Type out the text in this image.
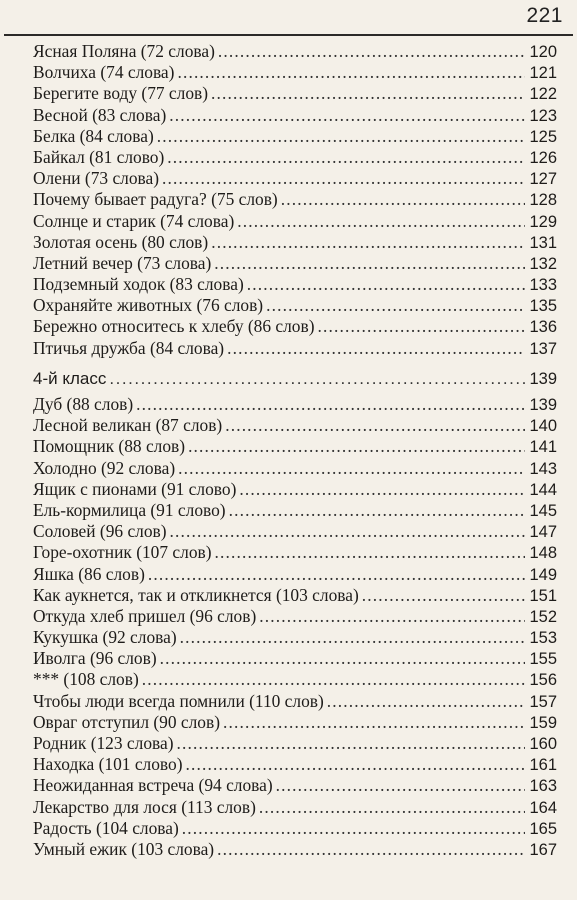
221
Ясная Поляна (72 слова) . . .	120
Волчиха (74 слова) . . .	121
Берегите воду (77 слов) . . .	122
Весной (83 слова) . . .	123
Белка (84 слова) . . .	125
Байкал (81 слово) . . .	126
Олени (73 слова) . . .	127
Почему бывает радуга? (75 слов) . . .	128
Солнце и старик (74 слова) . . .	129
Золотая осень (80 слов) . . .	131
Летний вечер (73 слова) . . .	132
Подземный ходок (83 слова) . . .	133
Охраняйте животных (76 слов) . . .	135
Бережно относитесь к хлебу (86 слов) . . .	136
Птичья дружба (84 слова) . . .	137
4-й класс . . .	139
Дуб (88 слов) . . .	139
Лесной великан (87 слов) . . .	140
Помощник (88 слов) . . .	141
Холодно (92 слова) . . .	143
Ящик с пионами (91 слово) . . .	144
Ель-кормилица (91 слово) . . .	145
Соловей (96 слов) . . .	147
Горе-охотник (107 слов) . . .	148
Яшка (86 слов) . . .	149
Как аукнется, так и откликнется (103 слова) . . .	151
Откуда хлеб пришел (96 слов) . . .	152
Кукушка (92 слова) . . .	153
Иволга (96 слов) . . .	155
*** (108 слов) . . .	156
Чтобы люди всегда помнили (110 слов) . . .	157
Овраг отступил (90 слов) . . .	159
Родник (123 слова) . . .	160
Находка (101 слово) . . .	161
Неожиданная встреча (94 слова) . . .	163
Лекарство для лося (113 слов) . . .	164
Радость (104 слова) . . .	165
Умный ежик (103 слова) . . .	167
